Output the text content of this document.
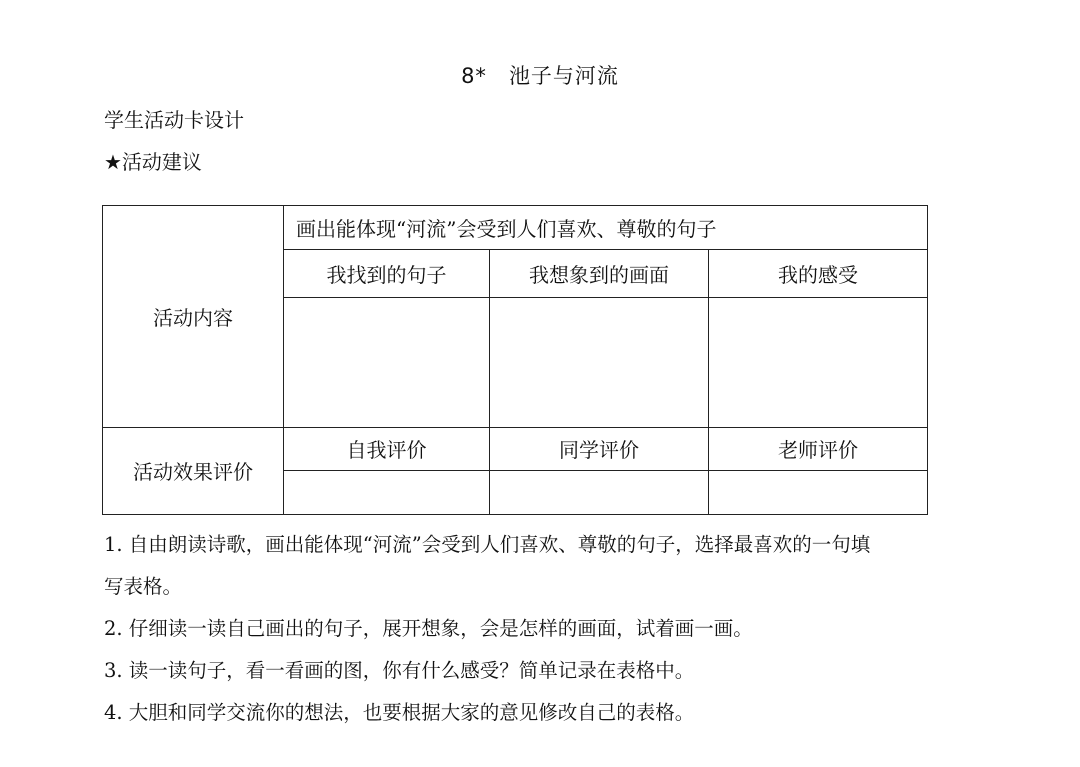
8* 池子与河流
学生活动卡设计
★活动建议
活动内容	画出能体现“河流”会受到人们喜欢、尊敬的句子		
	我找到的句子	我想象到的画面	我的感受

活动效果评价	自我评价	同学评价	老师评价

1. 自由朗读诗歌，画出能体现“河流”会受到人们喜欢、尊敬的句子，选择最喜欢的一句填

写表格。

2. 仔细读一读自己画出的句子，展开想象，会是怎样的画面，试着画一画。

3. 读一读句子，看一看画的图，你有什么感受？简单记录在表格中。

4. 大胆和同学交流你的想法，也要根据大家的意见修改自己的表格。
